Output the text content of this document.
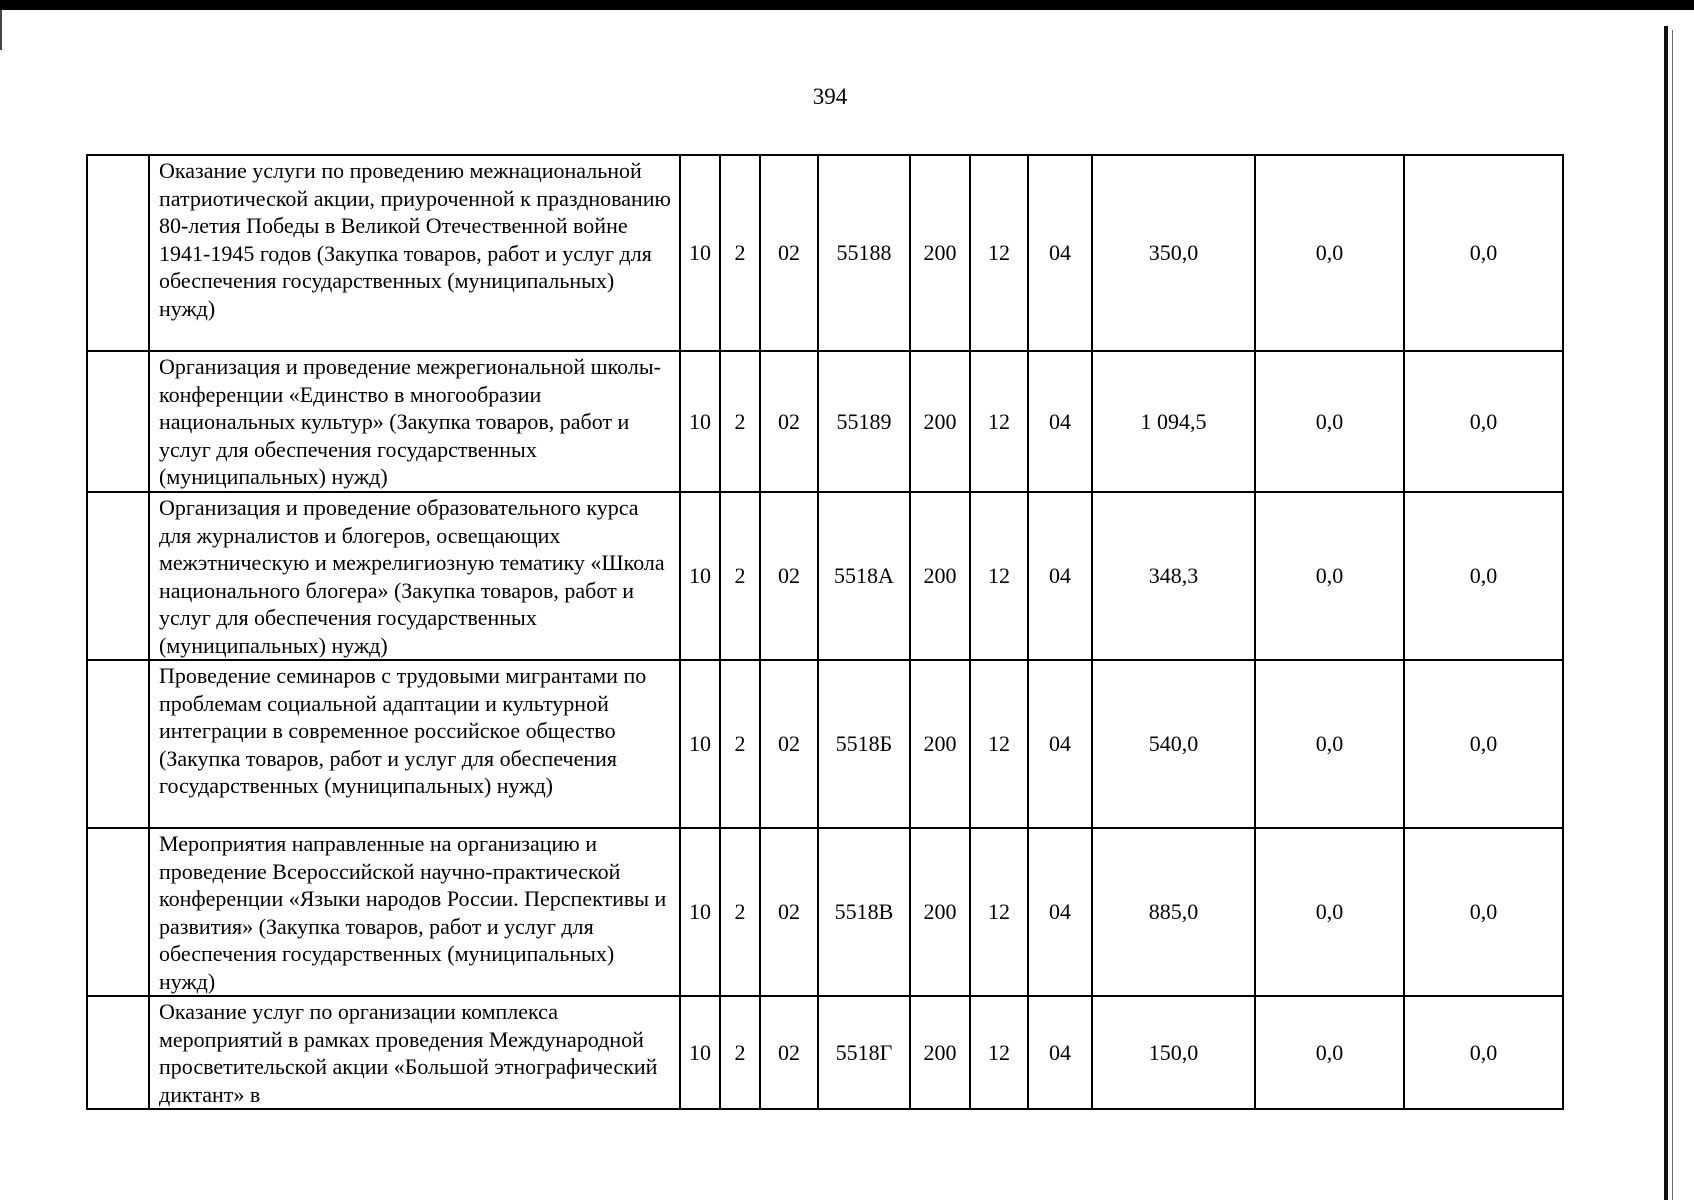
394
	Оказание услуги по проведению межнациональной патриотической акции, приуроченной к празднованию 80-летия Победы в Великой Отечественной войне 1941-1945 годов (Закупка товаров, работ и услуг для обеспечения государственных (муниципальных) нужд)	10	2	02	55188	200	12	04	350,0	0,0	0,0
	Организация и проведение межрегиональной школы-конференции «Единство в многообразии национальных культур» (Закупка товаров, работ и услуг для обеспечения государственных (муниципальных) нужд)	10	2	02	55189	200	12	04	1 094,5	0,0	0,0
	Организация и проведение образовательного курса для журналистов и блогеров, освещающих межэтническую и межрелигиозную тематику «Школа национального блогера» (Закупка товаров, работ и услуг для обеспечения государственных (муниципальных) нужд)	10	2	02	5518А	200	12	04	348,3	0,0	0,0
	Проведение семинаров с трудовыми мигрантами по проблемам социальной адаптации и культурной интеграции в современное российское общество (Закупка товаров, работ и услуг для обеспечения государственных (муниципальных) нужд)	10	2	02	5518Б	200	12	04	540,0	0,0	0,0
	Мероприятия направленные на организацию и проведение Всероссийской научно-практической конференции «Языки народов России. Перспективы и развития» (Закупка товаров, работ и услуг для обеспечения государственных (муниципальных) нужд)	10	2	02	5518В	200	12	04	885,0	0,0	0,0
	Оказание услуг по организации комплекса мероприятий в рамках проведения Международной просветительской акции «Большой этнографический диктант» в	10	2	02	5518Г	200	12	04	150,0	0,0	0,0
